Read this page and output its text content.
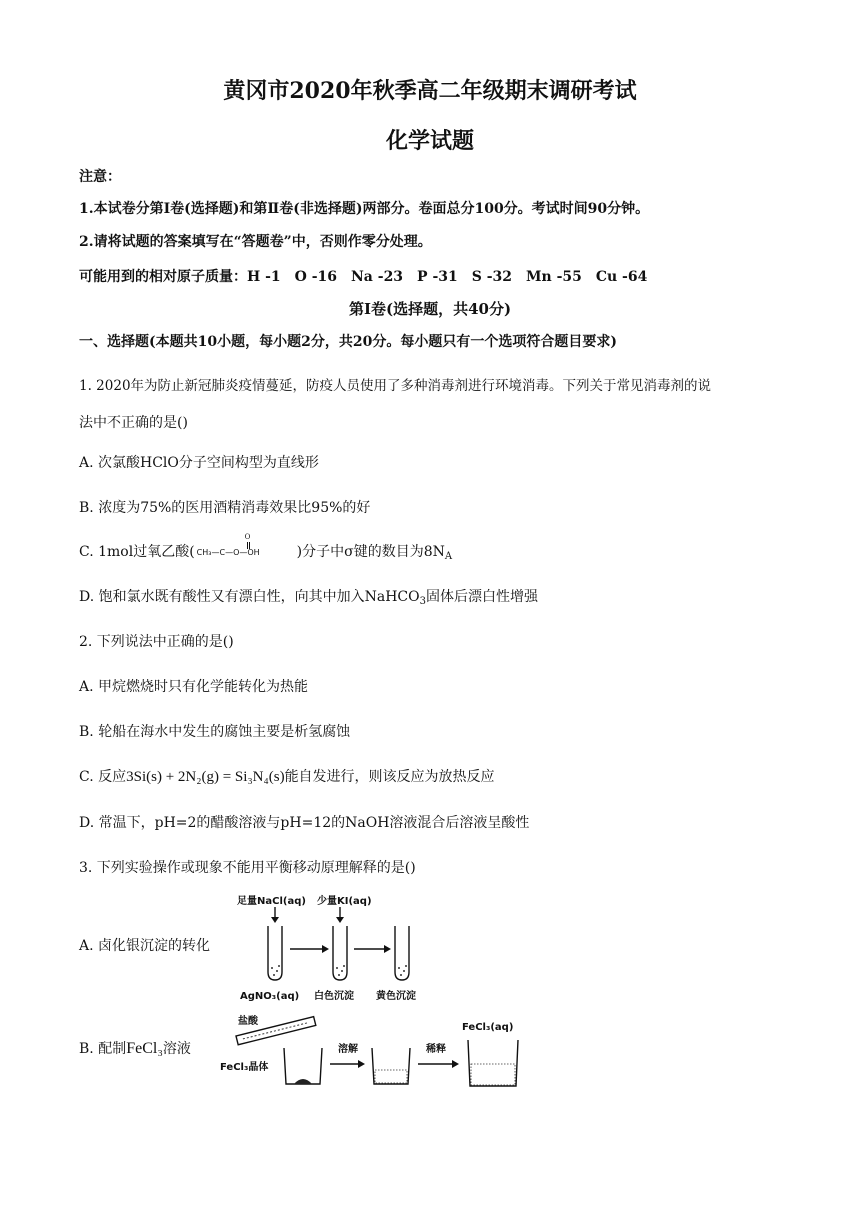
黄冈市2020年秋季高二年级期末调研考试
化学试题
注意：
1.本试卷分第Ⅰ卷(选择题)和第Ⅱ卷(非选择题)两部分。卷面总分100分。考试时间90分钟。
2.请将试题的答案填写在“答题卷”中，否则作零分处理。
可能用到的相对原子质量：H -1　O -16　Na -23　P -31　S -32　Mn -55　Cu -64
第Ⅰ卷(选择题，共40分)
一、选择题(本题共10小题，每小题2分，共20分。每小题只有一个选项符合题目要求)
1. 2020年为防止新冠肺炎疫情蔓延，防疫人员使用了多种消毒剂进行环境消毒。下列关于常见消毒剂的说
法中不正确的是()
A. 次氯酸HClO分子空间构型为直线形
B. 浓度为75%的医用酒精消毒效果比95%的好
C. 1mol过氧乙酸(
O
CH₃—C—O—OH	)分子中σ键的数目为$8N_A$
D. 饱和氯水既有酸性又有漂白性，向其中加入NaHCO$_3$固体后漂白性增强
2. 下列说法中正确的是()
A. 甲烷燃烧时只有化学能转化为热能
B. 轮船在海水中发生的腐蚀主要是析氢腐蚀
C. 反应3Si(s) + 2N₂(g) = Si₃N₄(s)能自发进行，则该反应为放热反应
D. 常温下，pH=2的醋酸溶液与pH=12的NaOH溶液混合后溶液呈酸性
3. 下列实验操作或现象不能用平衡移动原理解释的是()
A. 卤化银沉淀的转化
足量NaCl(aq) 少量KI(aq)
AgNO₃(aq) 白色沉淀 黄色沉淀
B. 配制FeCl₃溶液
盐酸
FeCl₃晶体
溶解	稀释
FeCl₃(aq)
